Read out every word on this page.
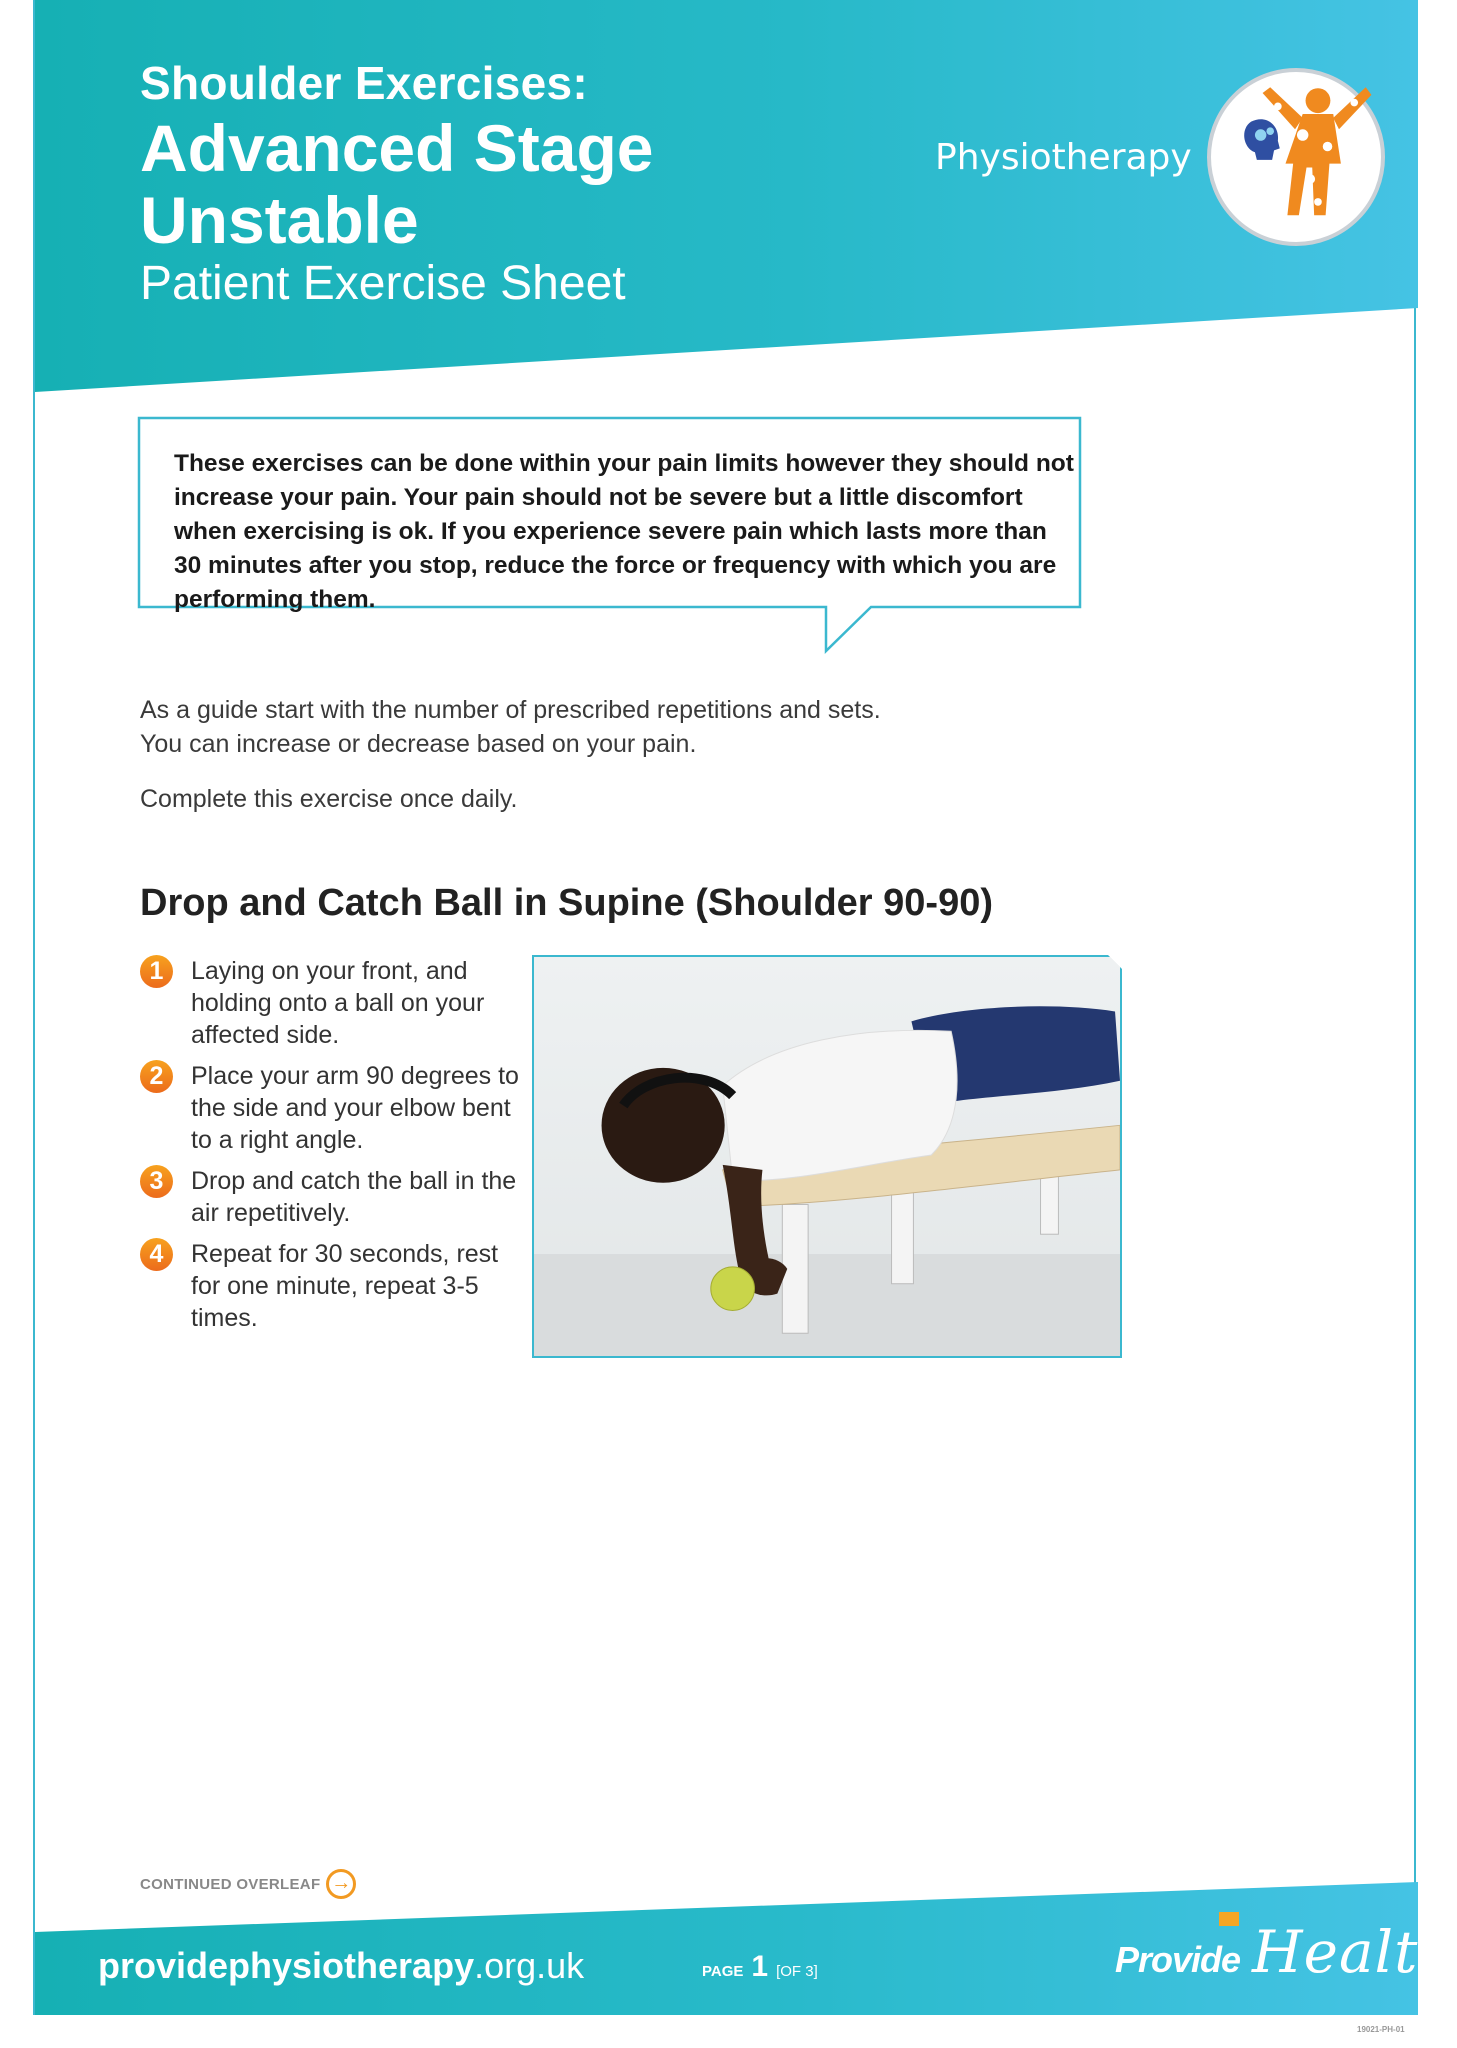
Shoulder Exercises:
Advanced Stage Unstable
Patient Exercise Sheet
Physiotherapy
These exercises can be done within your pain limits however they should not increase your pain. Your pain should not be severe but a little discomfort when exercising is ok. If you experience severe pain which lasts more than 30 minutes after you stop, reduce the force or frequency with which you are performing them.

As a guide start with the number of prescribed repetitions and sets.

You can increase or decrease based on your pain.

Complete this exercise once daily.

Drop and Catch Ball in Supine (Shoulder 90-90)
1	Laying on your front, and holding onto a ball on your affected side.
2	Place your arm 90 degrees to the side and your elbow bent to a right angle.
3	Drop and catch the ball in the air repetitively.
4	Repeat for 30 seconds, rest for one minute, repeat 3-5 times.
CONTINUED OVERLEAF →
providephysiotherapy.org.uk	PAGE 1 [OF 3]	Provide Health
19021-PH-01
